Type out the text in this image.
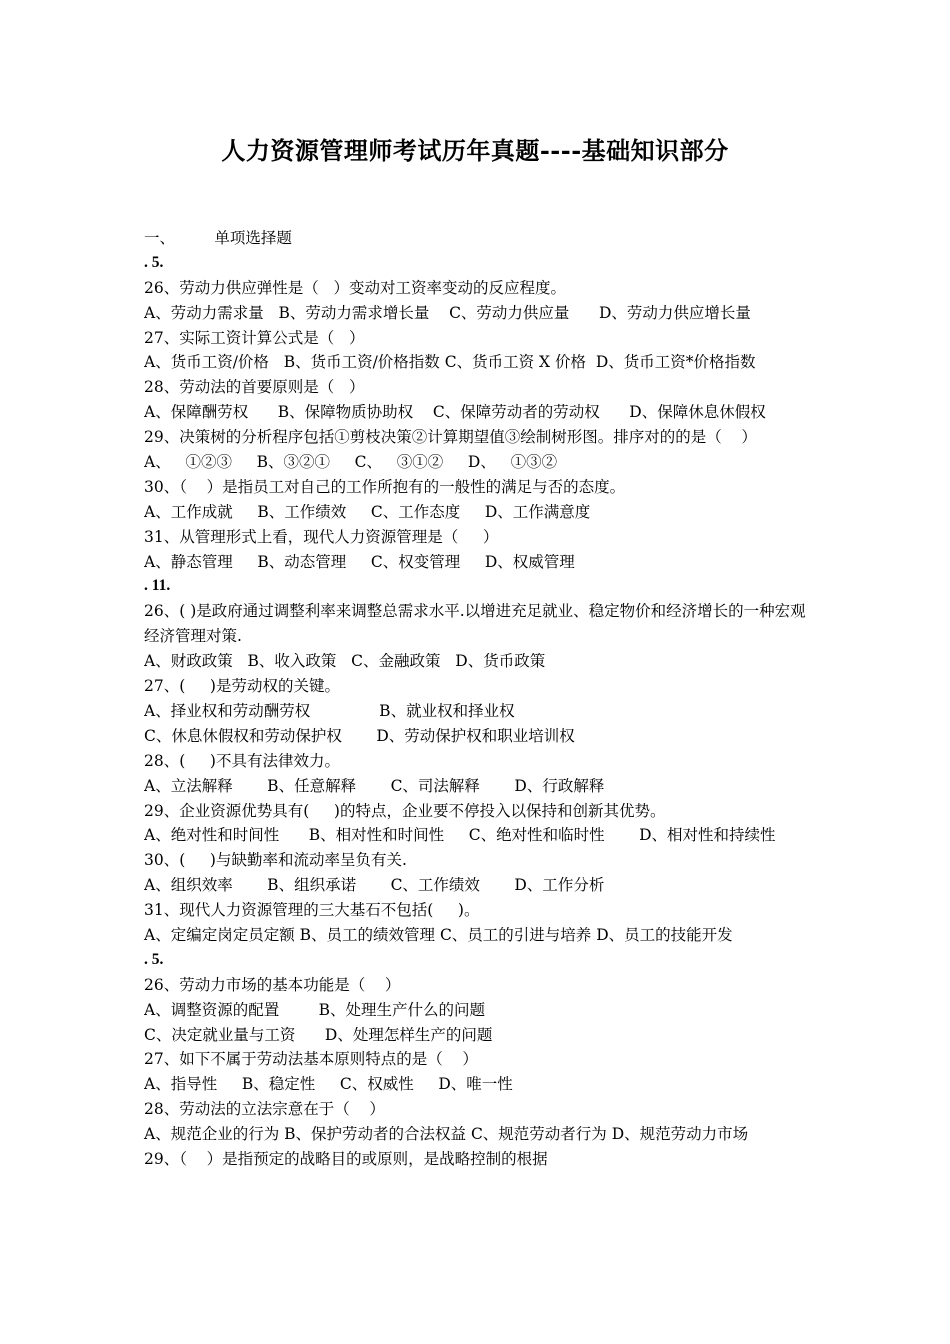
人力资源管理师考试历年真题----基础知识部分
一、        单项选择题
. 5.
26、劳动力供应弹性是（   ）变动对工资率变动的反应程度。
A、劳动力需求量   B、劳动力需求增长量    C、劳动力供应量      D、劳动力供应增长量
27、实际工资计算公式是（   ）
A、货币工资/价格   B、货币工资/价格指数 C、货币工资 X 价格  D、货币工资*价格指数
28、劳动法的首要原则是（   ）
A、保障酬劳权      B、保障物质协助权    C、保障劳动者的劳动权      D、保障休息休假权
29、决策树的分析程序包括①剪枝决策②计算期望值③绘制树形图。排序对的的是（    ）
A、   ①②③     B、③②①     C、   ③①②     D、   ①③②
30、（    ）是指员工对自己的工作所抱有的一般性的满足与否的态度。
A、工作成就     B、工作绩效     C、工作态度     D、工作满意度
31、从管理形式上看，现代人力资源管理是（     ）
A、静态管理     B、动态管理     C、权变管理     D、权威管理
. 11.
26、( )是政府通过调整利率来调整总需求水平.以增进充足就业、稳定物价和经济增长的一种宏观经济管理对策.
A、财政政策   B、收入政策   C、金融政策   D、货币政策
27、(     )是劳动权的关键。
A、择业权和劳动酬劳权              B、就业权和择业权
C、休息休假权和劳动保护权       D、劳动保护权和职业培训权
28、(     )不具有法律效力。
A、立法解释       B、任意解释       C、司法解释       D、行政解释
29、企业资源优势具有(     )的特点，企业要不停投入以保持和创新其优势。
A、绝对性和时间性      B、相对性和时间性     C、绝对性和临时性       D、相对性和持续性
30、(     )与缺勤率和流动率呈负有关.
A、组织效率       B、组织承诺       C、工作绩效       D、工作分析
31、现代人力资源管理的三大基石不包括(     )。
A、定编定岗定员定额 B、员工的绩效管理 C、员工的引进与培养 D、员工的技能开发
. 5.
26、劳动力市场的基本功能是（    ）
A、调整资源的配置        B、处理生产什么的问题
C、决定就业量与工资      D、处理怎样生产的问题
27、如下不属于劳动法基本原则特点的是（    ）
A、指导性     B、稳定性     C、权威性     D、唯一性
28、劳动法的立法宗意在于（    ）
A、规范企业的行为 B、保护劳动者的合法权益 C、规范劳动者行为 D、规范劳动力市场
29、（    ）是指预定的战略目的或原则，是战略控制的根据
